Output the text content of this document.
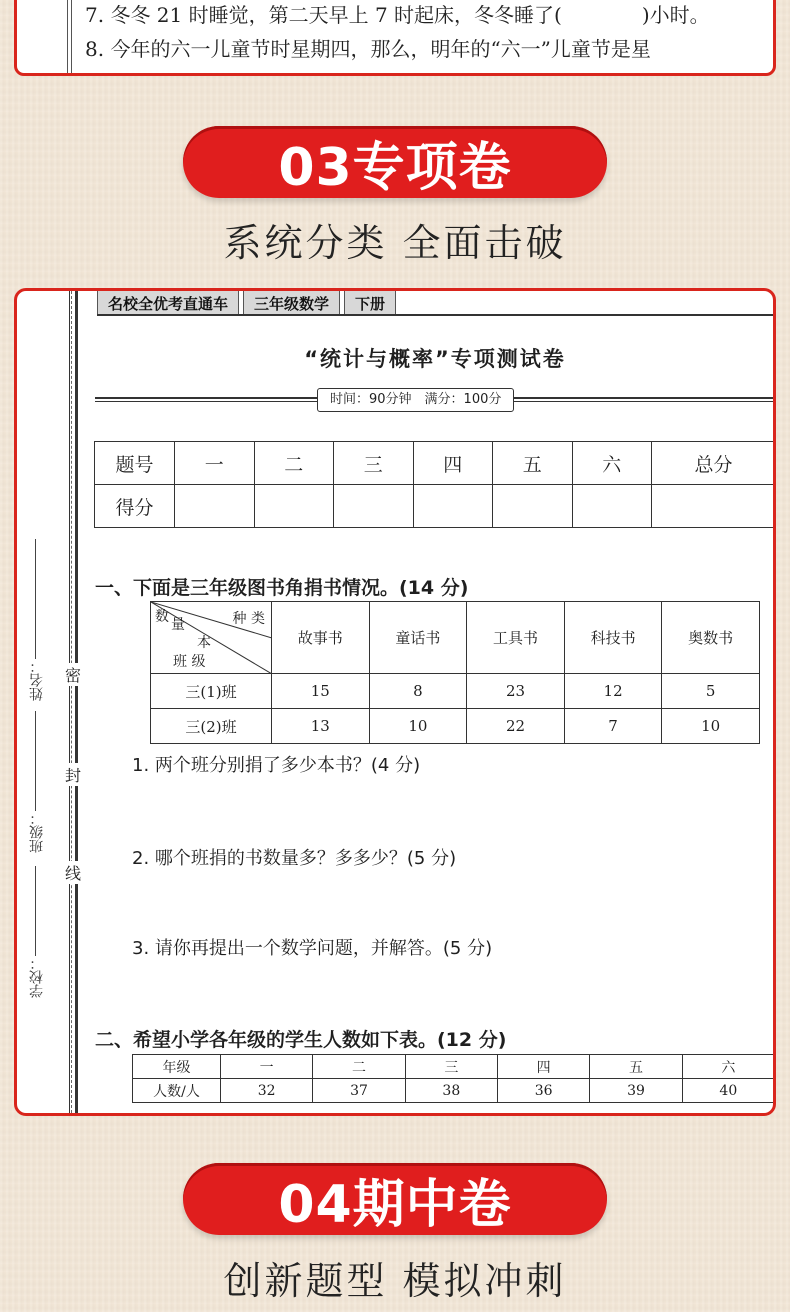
7. 冬冬 21 时睡觉，第二天早上 7 时起床，冬冬睡了(　　　　)小时。
8. 今年的六一儿童节时星期四，那么，明年的“六一”儿童节是星
03专项卷
系统分类 全面击破
姓名：
班级：
学校：
密
封
线
名校全优考直通车	三年级数学	下册
“统计与概率”专项测试卷
时间：90分钟　满分：100分
题号	一	二	三	四	五	六	总分
得分							
一、下面是三年级图书角捐书情况。(14 分)
种 类
数 量
本
班 级	故事书	童话书	工具书	科技书	奥数书
三(1)班	15	8	23	12	5
三(2)班	13	10	22	7	10
1. 两个班分别捐了多少本书？(4 分)
2. 哪个班捐的书数量多？多多少？(5 分)
3. 请你再提出一个数学问题，并解答。(5 分)
二、希望小学各年级的学生人数如下表。(12 分)
年级	一	二	三	四	五	六
人数/人	32	37	38	36	39	40
04期中卷
创新题型 模拟冲刺
